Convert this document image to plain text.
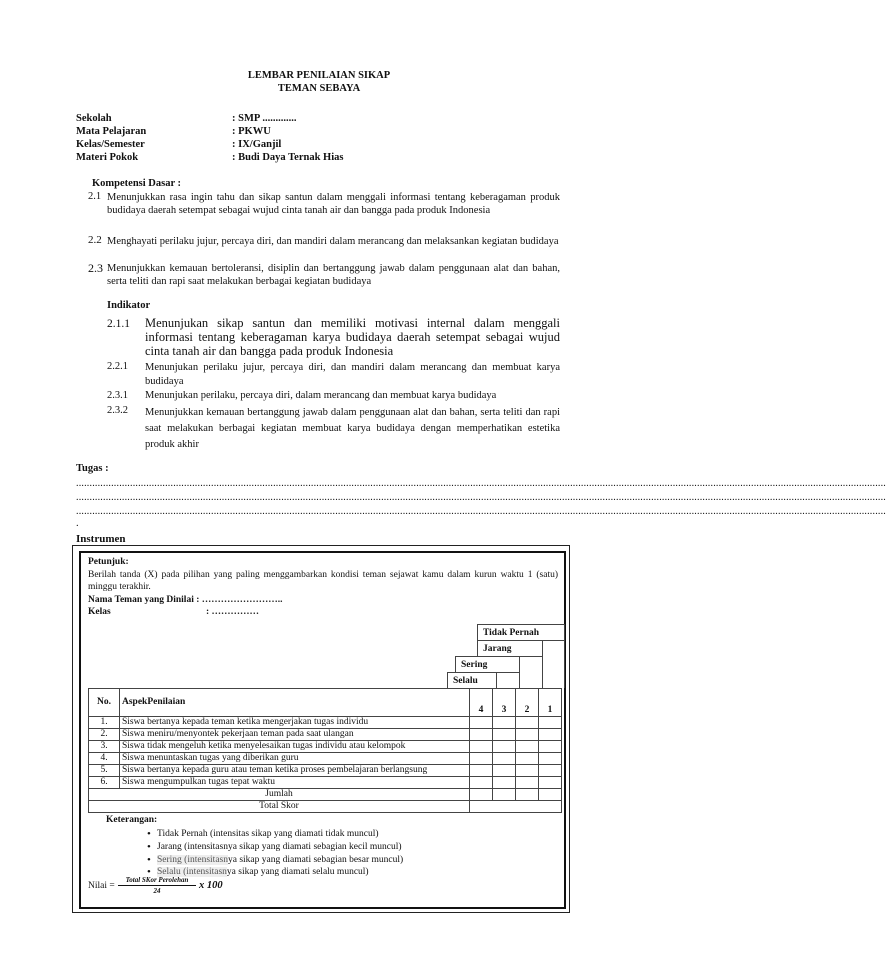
LEMBAR PENILAIAN SIKAP
TEMAN SEBAYA
Sekolah	: SMP .............
Mata Pelajaran	: PKWU
Kelas/Semester	: IX/Ganjil
Materi Pokok	: Budi Daya Ternak Hias
Kompetensi Dasar :
2.1 Menunjukkan rasa ingin tahu dan sikap santun dalam menggali informasi tentang keberagaman produk budidaya daerah setempat sebagai wujud cinta tanah air dan bangga pada produk Indonesia
2.2 Menghayati perilaku jujur, percaya diri, dan mandiri dalam merancang dan melaksankan kegiatan budidaya
2.3 Menunjukkan kemauan bertoleransi, disiplin dan bertanggung jawab dalam penggunaan alat dan bahan, serta teliti dan rapi saat melakukan berbagai kegiatan budidaya
Indikator
2.1.1 Menunjukan sikap santun dan memiliki motivasi internal dalam menggali informasi tentang keberagaman karya budidaya daerah setempat sebagai wujud cinta tanah air dan bangga pada produk Indonesia
2.2.1 Menunjukan perilaku jujur, percaya diri, dan mandiri dalam merancang dan membuat karya budidaya
2.3.1 Menunjukan perilaku, percaya diri, dalam merancang dan membuat karya budidaya
2.3.2 Menunjukkan kemauan bertanggung jawab dalam penggunaan alat dan bahan, serta teliti dan rapi saat melakukan berbagai kegiatan membuat karya budidaya dengan memperhatikan estetika produk akhir
Tugas :
............................................................................................................................................................................................................................................................................................................
............................................................................................................................................................................................................................................................................................................
............................................................................................................................................................................................................................................................................................................
.
Instrumen
Petunjuk:
Berilah tanda (X) pada pilihan yang paling menggambarkan kondisi teman sejawat kamu dalam kurun waktu 1 (satu) minggu terakhir.
Nama Teman yang Dinilai : ……………………..
Kelas	: ……………
Tidak Pernah
Jarang
Sering
Selalu
No.	AspekPenilaian	4	3	2	1
1.	Siswa bertanya kepada teman ketika mengerjakan tugas individu				
2.	Siswa meniru/menyontek pekerjaan teman pada saat ulangan				
3.	Siswa tidak mengeluh ketika menyelesaikan tugas individu atau kelompok				
4.	Siswa menuntaskan tugas yang diberikan guru				
5.	Siswa bertanya kepada guru atau teman ketika proses pembelajaran berlangsung				
6.	Siswa mengumpulkan tugas tepat waktu				
Jumlah					
Total Skor					
Keterangan:
• Tidak Pernah (intensitas sikap yang diamati tidak muncul)
• Jarang (intensitasnya sikap yang diamati sebagian kecil muncul)
• Sering (intensitasnya sikap yang diamati sebagian besar muncul)
• Selalu (intensitasnya sikap yang diamati selalu muncul)
Nilai =
Total SKor Perolehan
24	x 100
